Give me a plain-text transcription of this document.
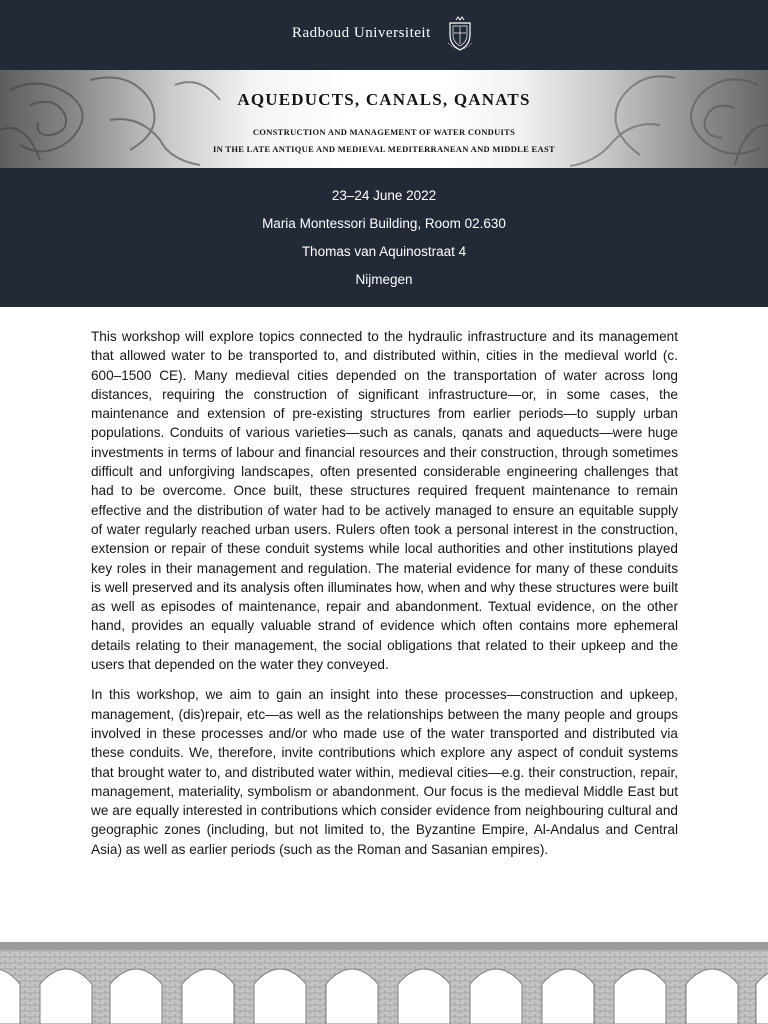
Radboud Universiteit
AQUEDUCTS, CANALS, QANATS
CONSTRUCTION AND MANAGEMENT OF WATER CONDUITS
IN THE LATE ANTIQUE AND MEDIEVAL MEDITERRANEAN AND MIDDLE EAST
23–24 June 2022
Maria Montessori Building, Room 02.630
Thomas van Aquinostraat 4
Nijmegen

This workshop will explore topics connected to the hydraulic infrastructure and its management that allowed water to be transported to, and distributed within, cities in the medieval world (c. 600–1500 CE). Many medieval cities depended on the transportation of water across long distances, requiring the construction of significant infrastructure—or, in some cases, the maintenance and extension of pre-existing structures from earlier periods—to supply urban populations. Conduits of various varieties—such as canals, qanats and aqueducts—were huge investments in terms of labour and financial resources and their construction, through sometimes difficult and unforgiving landscapes, often presented considerable engineering challenges that had to be overcome. Once built, these structures required frequent maintenance to remain effective and the distribution of water had to be actively managed to ensure an equitable supply of water regularly reached urban users. Rulers often took a personal interest in the construction, extension or repair of these conduit systems while local authorities and other institutions played key roles in their management and regulation. The material evidence for many of these conduits is well preserved and its analysis often illuminates how, when and why these structures were built as well as episodes of maintenance, repair and abandonment. Textual evidence, on the other hand, provides an equally valuable strand of evidence which often contains more ephemeral details relating to their management, the social obligations that related to their upkeep and the users that depended on the water they conveyed.

In this workshop, we aim to gain an insight into these processes—construction and upkeep, management, (dis)repair, etc—as well as the relationships between the many people and groups involved in these processes and/or who made use of the water transported and distributed via these conduits. We, therefore, invite contributions which explore any aspect of conduit systems that brought water to, and distributed water within, medieval cities—e.g. their construction, repair, management, materiality, symbolism or abandonment. Our focus is the medieval Middle East but we are equally interested in contributions which consider evidence from neighbouring cultural and geographic zones (including, but not limited to, the Byzantine Empire, Al-Andalus and Central Asia) as well as earlier periods (such as the Roman and Sasanian empires).
